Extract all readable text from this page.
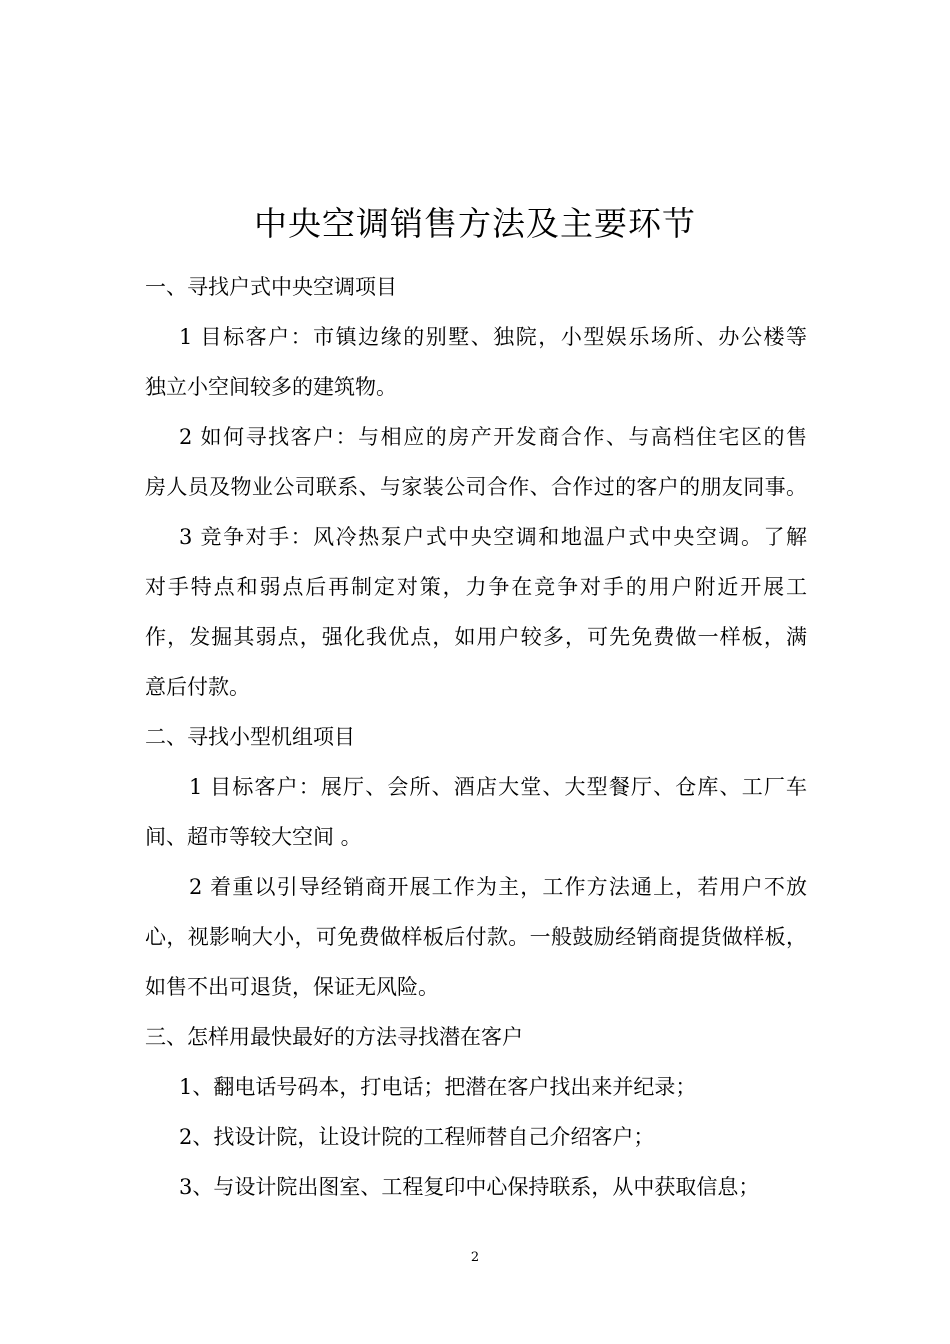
中央空调销售方法及主要环节
一、寻找户式中央空调项目
1 目标客户：市镇边缘的别墅、独院，小型娱乐场所、办公楼等
独立小空间较多的建筑物。
2 如何寻找客户：与相应的房产开发商合作、与高档住宅区的售
房人员及物业公司联系、与家装公司合作、合作过的客户的朋友同事。
3 竞争对手：风冷热泵户式中央空调和地温户式中央空调。了解
对手特点和弱点后再制定对策，力争在竞争对手的用户附近开展工
作，发掘其弱点，强化我优点，如用户较多，可先免费做一样板，满
意后付款。
二、寻找小型机组项目
1 目标客户：展厅、会所、酒店大堂、大型餐厅、仓库、工厂车
间、超市等较大空间 。
2 着重以引导经销商开展工作为主，工作方法通上，若用户不放
心，视影响大小，可免费做样板后付款。一般鼓励经销商提货做样板，
如售不出可退货，保证无风险。
三、怎样用最快最好的方法寻找潜在客户
1、翻电话号码本，打电话；把潜在客户找出来并纪录；
2、找设计院，让设计院的工程师替自己介绍客户；
3、与设计院出图室、工程复印中心保持联系，从中获取信息；
2
